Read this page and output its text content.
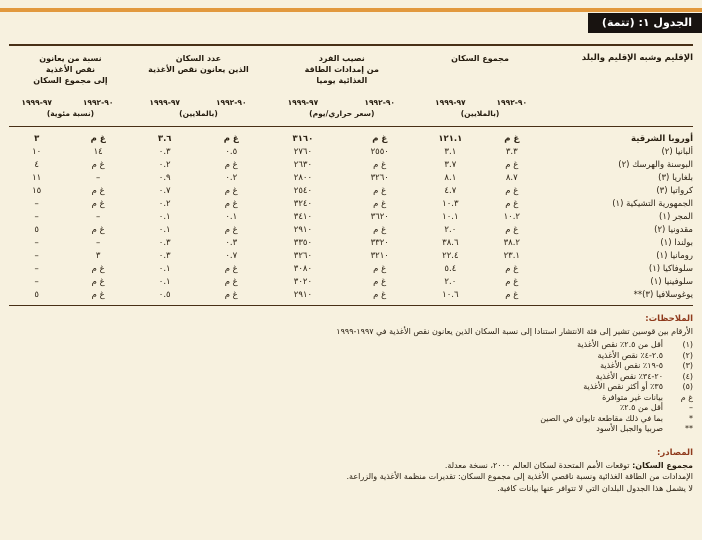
الجدول ١: (تتمة)
الإقليم وشبه الإقليم والبلد	مجموع السكان		نصيب الفرد
من إمدادات الطاقة
الغذائية يوميا		عدد السكان
الذين يعانون نقص الأغذية		نسبة من يعانون
نقص الأغذية
إلى مجموع السكان	
	٩٠-١٩٩٢	٩٧-١٩٩٩	٩٠-١٩٩٢	٩٧-١٩٩٩	٩٠-١٩٩٢	٩٧-١٩٩٩	٩٠-١٩٩٢	٩٧-١٩٩٩
	(بالملايين)		(سعر حراري/يوم)		(بالملايين)		(نسبة مئوية)	
أوروبا الشرقية	غ م	١٢١.١	غ م	٣١٦٠	غ م	٣.٦	غ م	٣
ألبانيا (٢)	٣.٣	٣.١	٢٥٥٠	٢٧٦٠	٠.٥	٠.٣	١٤	١٠
البوسنة والهرسك (٢)	غ م	٣.٧	غ م	٢٦٣٠	غ م	٠.٢	غ م	٤
بلغاريا (٣)	٨.٧	٨.١	٣٢٦٠	٢٨٠٠	٠.٢	٠.٩	–	١١
كرواتيا (٣)	غ م	٤.٧	غ م	٢٥٤٠	غ م	٠.٧	غ م	١٥
الجمهورية التشيكية (١)	غ م	١٠.٣	غ م	٣٢٤٠	غ م	٠.٢	غ م	–
المجر (١)	١٠.٢	١٠.١	٣٦٢٠	٣٤١٠	٠.١	٠.١	–	–
مقدونيا (٢)	غ م	٢.٠	غ م	٢٩١٠	غ م	٠.١	غ م	٥
بولندا (١)	٣٨.٢	٣٨.٦	٣٣٢٠	٣٣٥٠	٠.٣	٠.٣	–	–
رومانيا (١)	٢٣.١	٢٢.٤	٣٢١٠	٣٢٦٠	٠.٧	٠.٣	٣	–
سلوفاكيا (١)	غ م	٥.٤	غ م	٣٠٨٠	غ م	٠.١	غ م	–
سلوفينيا (١)	غ م	٢.٠	غ م	٣٠٢٠	غ م	٠.١	غ م	–
يوغوسلافيا (٣)**	غ م	١٠.٦	غ م	٢٩١٠	غ م	٠.٥	غ م	٥
الملاحظات:
الأرقام بين قوسين تشير إلى فئة الانتشار استنادا إلى نسبة السكان الذين يعانون نقص الأغذية في ١٩٩٧-١٩٩٩
(١)
أقل من ٢.٥٪ نقص الأغذية
(٢)
٢.٥-٤٪ نقص الأغذية
(٣)
٥-١٩٪ نقص الأغذية
(٤)
٢٠-٣٤٪ نقص الأغذية
(٥)
٣٥٪ أو أكثر نقص الأغذية
غ م
بيانات غير متوافرة
–
أقل من ٢.٥٪
*
بما في ذلك مقاطعة تايوان في الصين
**
صربيا والجبل الأسود
المصادر:
مجموع السكان: توقعات الأمم المتحدة لسكان العالم ٢٠٠٠، نسخة معدلة.
الإمدادات من الطاقة الغذائية ونسبة ناقصي الأغذية إلى مجموع السكان: تقديرات منظمة الأغذية والزراعة.
لا يشمل هذا الجدول البلدان التي لا تتوافر عنها بيانات كافية.
